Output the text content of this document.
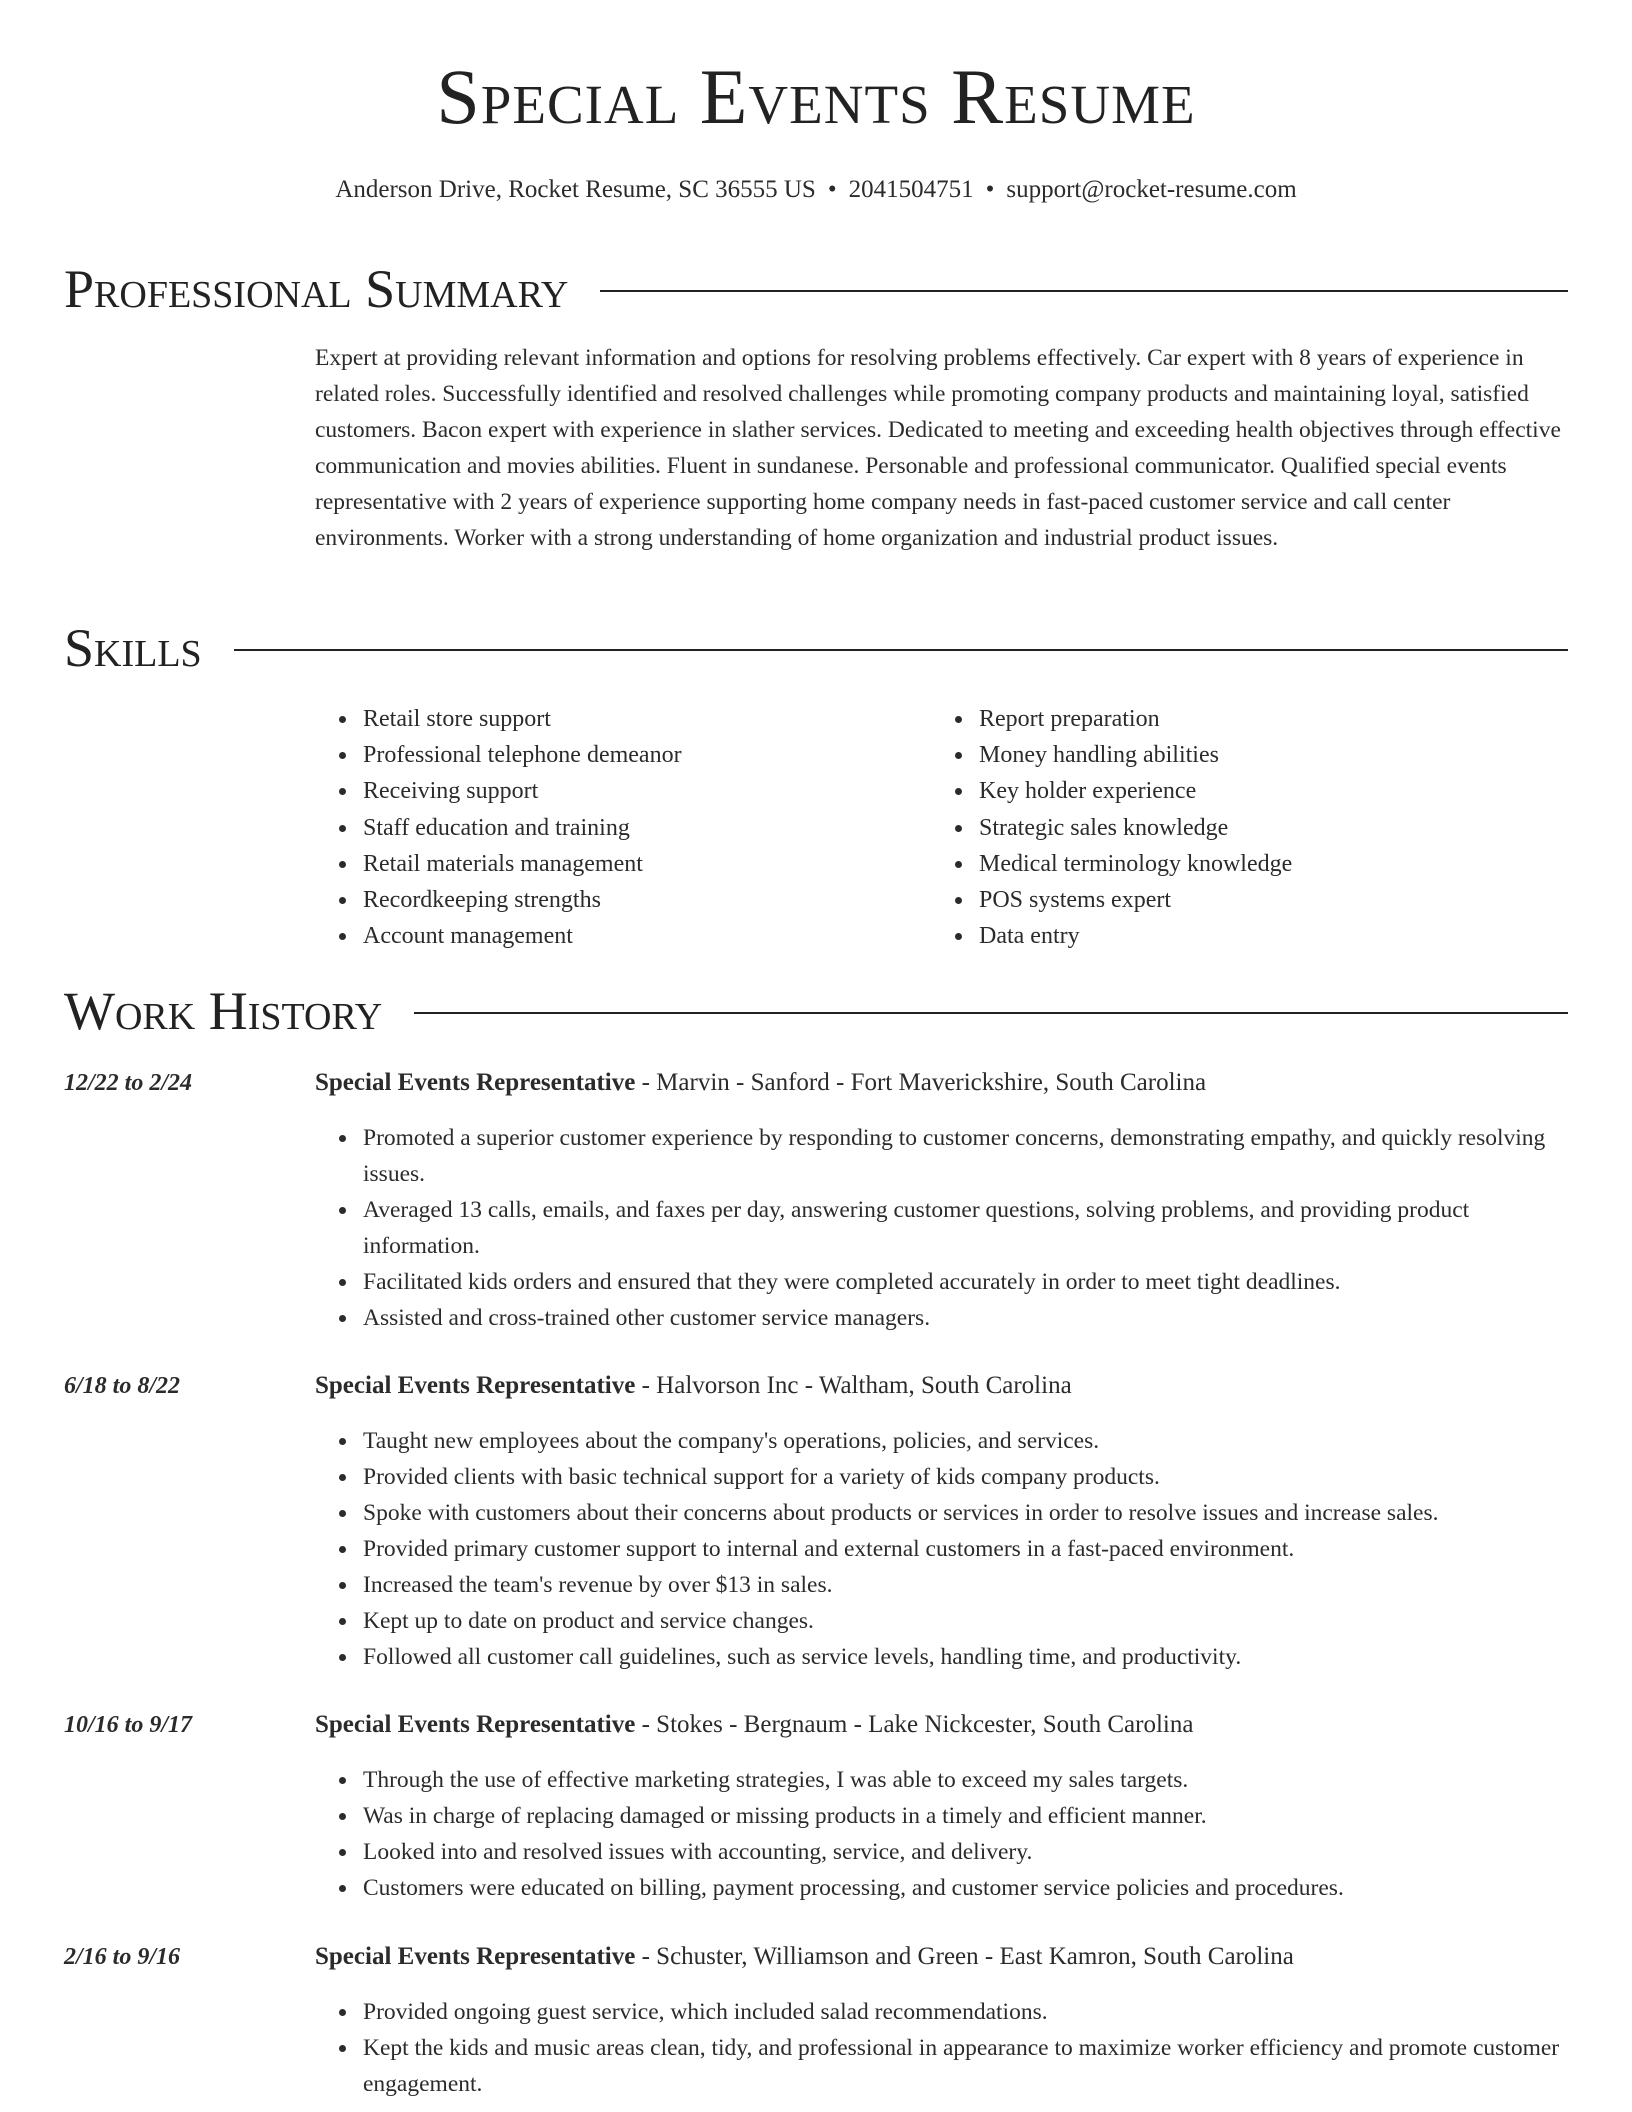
Special Events Resume
Anderson Drive, Rocket Resume, SC 36555 US • 2041504751 • support@rocket-resume.com
Professional Summary

Expert at providing relevant information and options for resolving problems effectively. Car expert with 8 years of experience in related roles. Successfully identified and resolved challenges while promoting company products and maintaining loyal, satisfied customers. Bacon expert with experience in slather services. Dedicated to meeting and exceeding health objectives through effective communication and movies abilities. Fluent in sundanese. Personable and professional communicator. Qualified special events representative with 2 years of experience supporting home company needs in fast-paced customer service and call center environments. Worker with a strong understanding of home organization and industrial product issues.

Skills
• Retail store support
• Professional telephone demeanor
• Receiving support
• Staff education and training
• Retail materials management
• Recordkeeping strengths
• Account management
• Report preparation
• Money handling abilities
• Key holder experience
• Strategic sales knowledge
• Medical terminology knowledge
• POS systems expert
• Data entry
Work History
12/22 to 2/24	Special Events Representative - Marvin - Sanford - Fort Maverickshire, South Carolina
• Promoted a superior customer experience by responding to customer concerns, demonstrating empathy, and quickly resolving issues.
• Averaged 13 calls, emails, and faxes per day, answering customer questions, solving problems, and providing product information.
• Facilitated kids orders and ensured that they were completed accurately in order to meet tight deadlines.
• Assisted and cross-trained other customer service managers.
6/18 to 8/22	Special Events Representative - Halvorson Inc - Waltham, South Carolina
• Taught new employees about the company's operations, policies, and services.
• Provided clients with basic technical support for a variety of kids company products.
• Spoke with customers about their concerns about products or services in order to resolve issues and increase sales.
• Provided primary customer support to internal and external customers in a fast-paced environment.
• Increased the team's revenue by over $13 in sales.
• Kept up to date on product and service changes.
• Followed all customer call guidelines, such as service levels, handling time, and productivity.
10/16 to 9/17	Special Events Representative - Stokes - Bergnaum - Lake Nickcester, South Carolina
• Through the use of effective marketing strategies, I was able to exceed my sales targets.
• Was in charge of replacing damaged or missing products in a timely and efficient manner.
• Looked into and resolved issues with accounting, service, and delivery.
• Customers were educated on billing, payment processing, and customer service policies and procedures.
2/16 to 9/16	Special Events Representative - Schuster, Williamson and Green - East Kamron, South Carolina
• Provided ongoing guest service, which included salad recommendations.
• Kept the kids and music areas clean, tidy, and professional in appearance to maximize worker efficiency and promote customer engagement.
